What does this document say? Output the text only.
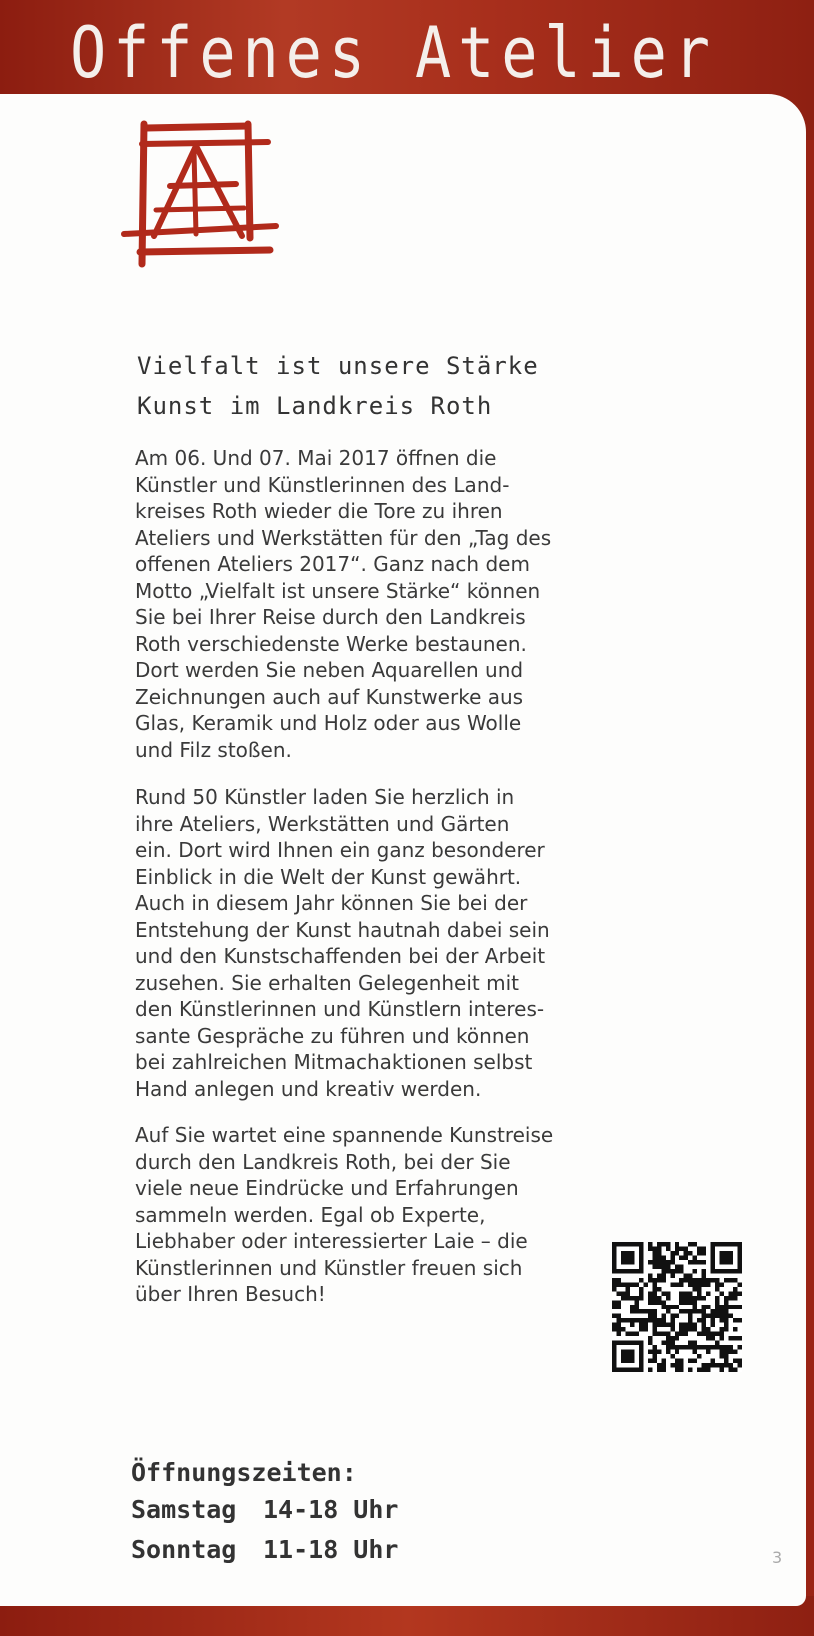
Offenes Atelier
Vielfalt ist unsere Stärke
Kunst im Landkreis Roth

Am 06. Und 07. Mai 2017 öffnen die
Künstler und Künstlerinnen des Land-
kreises Roth wieder die Tore zu ihren
Ateliers und Werkstätten für den „Tag des
offenen Ateliers 2017“. Ganz nach dem
Motto „Vielfalt ist unsere Stärke“ können
Sie bei Ihrer Reise durch den Landkreis
Roth verschiedenste Werke bestaunen.
Dort werden Sie neben Aquarellen und
Zeichnungen auch auf Kunstwerke aus
Glas, Keramik und Holz oder aus Wolle
und Filz stoßen.

Rund 50 Künstler laden Sie herzlich in
ihre Ateliers, Werkstätten und Gärten
ein. Dort wird Ihnen ein ganz besonderer
Einblick in die Welt der Kunst gewährt.
Auch in diesem Jahr können Sie bei der
Entstehung der Kunst hautnah dabei sein
und den Kunstschaffenden bei der Arbeit
zusehen. Sie erhalten Gelegenheit mit
den Künstlerinnen und Künstlern interes-
sante Gespräche zu führen und können
bei zahlreichen Mitmachaktionen selbst
Hand anlegen und kreativ werden.

Auf Sie wartet eine spannende Kunstreise
durch den Landkreis Roth, bei der Sie
viele neue Eindrücke und Erfahrungen
sammeln werden. Egal ob Experte,
Liebhaber oder interessierter Laie – die
Künstlerinnen und Künstler freuen sich
über Ihren Besuch!

Öffnungszeiten:
Samstag 14-18 Uhr
Sonntag 11-18 Uhr	3
